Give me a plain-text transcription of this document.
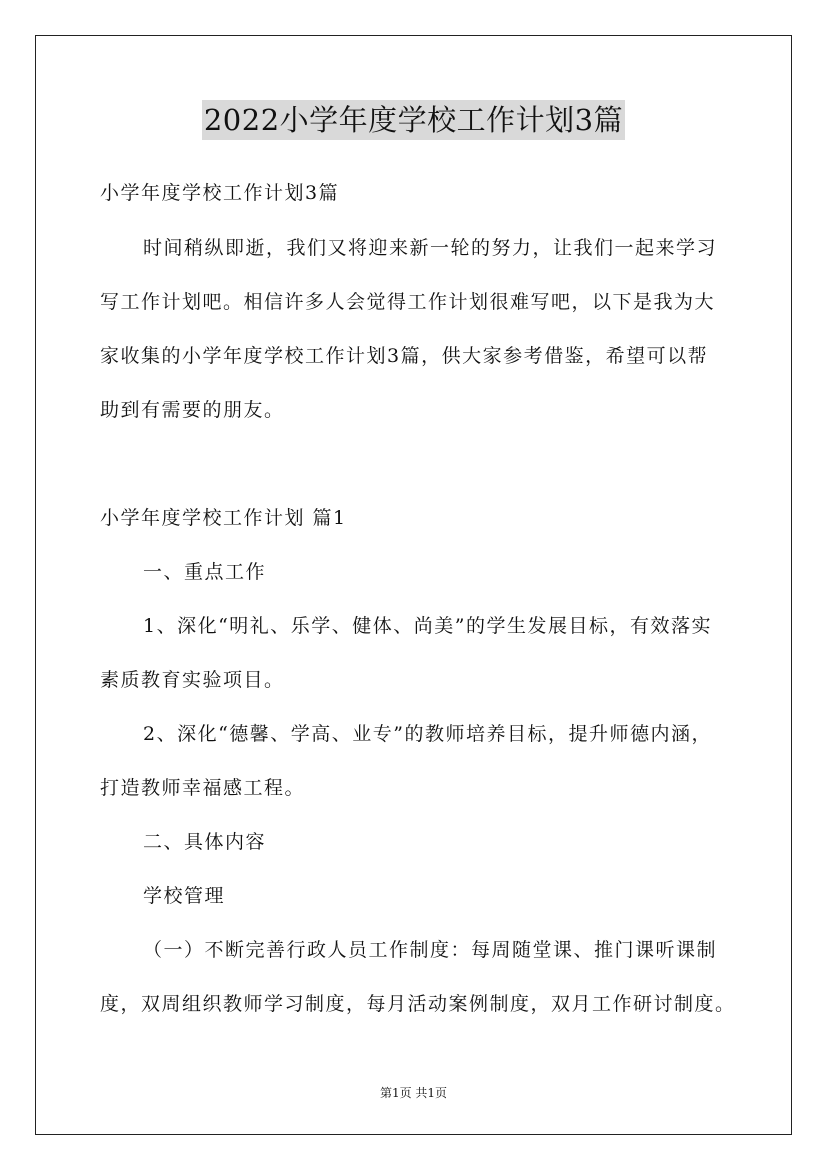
2022小学年度学校工作计划3篇
小学年度学校工作计划3篇
时间稍纵即逝，我们又将迎来新一轮的努力，让我们一起来学习
写工作计划吧。相信许多人会觉得工作计划很难写吧，以下是我为大
家收集的小学年度学校工作计划3篇，供大家参考借鉴，希望可以帮
助到有需要的朋友。
小学年度学校工作计划 篇1
一、重点工作
1、深化“明礼、乐学、健体、尚美”的学生发展目标，有效落实
素质教育实验项目。
2、深化“德馨、学高、业专”的教师培养目标，提升师德内涵，
打造教师幸福感工程。
二、具体内容
学校管理
（一）不断完善行政人员工作制度：每周随堂课、推门课听课制
度，双周组织教师学习制度，每月活动案例制度，双月工作研讨制度。
第1页 共1页
